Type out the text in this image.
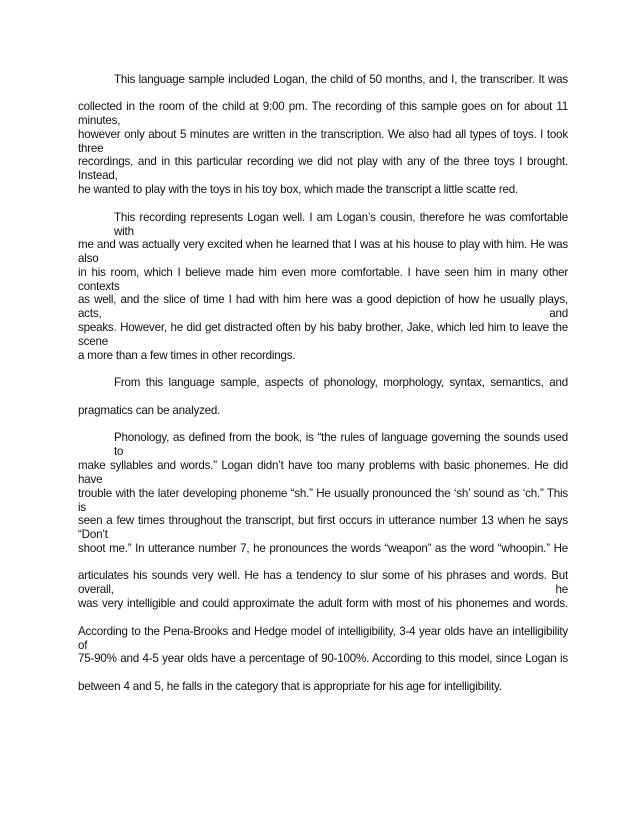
This language sample included Logan, the child of 50 months, and I, the transcriber. It was
collected in the room of the child at 9:00 pm. The recording of this sample goes on for about 11 minutes,
however only about 5 minutes are written in the transcription. We also had all types of toys. I took three
recordings, and in this particular recording we did not play with any of the three toys I brought. Instead,
he wanted to play with the toys in his toy box, which made the transcript a little scatte red.
This recording represents Logan well. I am Logan’s cousin, therefore he was comfortable with
me and was actually very excited when he learned that I was at his house to play with him. He was also
in his room, which I believe made him even more comfortable. I have seen him in many other contexts
as well, and the slice of time I had with him here was a good depiction of how he usually plays, acts, and
speaks. However, he did get distracted often by his baby brother, Jake, which led him to leave the scene
a more than a few times in other recordings.
From this language sample, aspects of phonology, morphology, syntax, semantics, and
pragmatics can be analyzed.
Phonology, as defined from the book, is “the rules of language governing the sounds used to
make syllables and words.” Logan didn’t have too many problems with basic phonemes. He did have
trouble with the later developing phoneme “sh.” He usually pronounced the ‘sh’ sound as ‘ch.” This is
seen a few times throughout the transcript, but first occurs in utterance number 13 when he says “Don’t
shoot me.” In utterance number 7, he pronounces the words “weapon” as the word “whoopin.” He
articulates his sounds very well. He has a tendency to slur some of his phrases and words. But overall, he
was very intelligible and could approximate the adult form with most of his phonemes and words.
According to the Pena-Brooks and Hedge model of intelligibility, 3-4 year olds have an intelligibility of
75-90% and 4-5 year olds have a percentage of 90-100%. According to this model, since Logan is
between 4 and 5, he falls in the category that is appropriate for his age for intelligibility.
